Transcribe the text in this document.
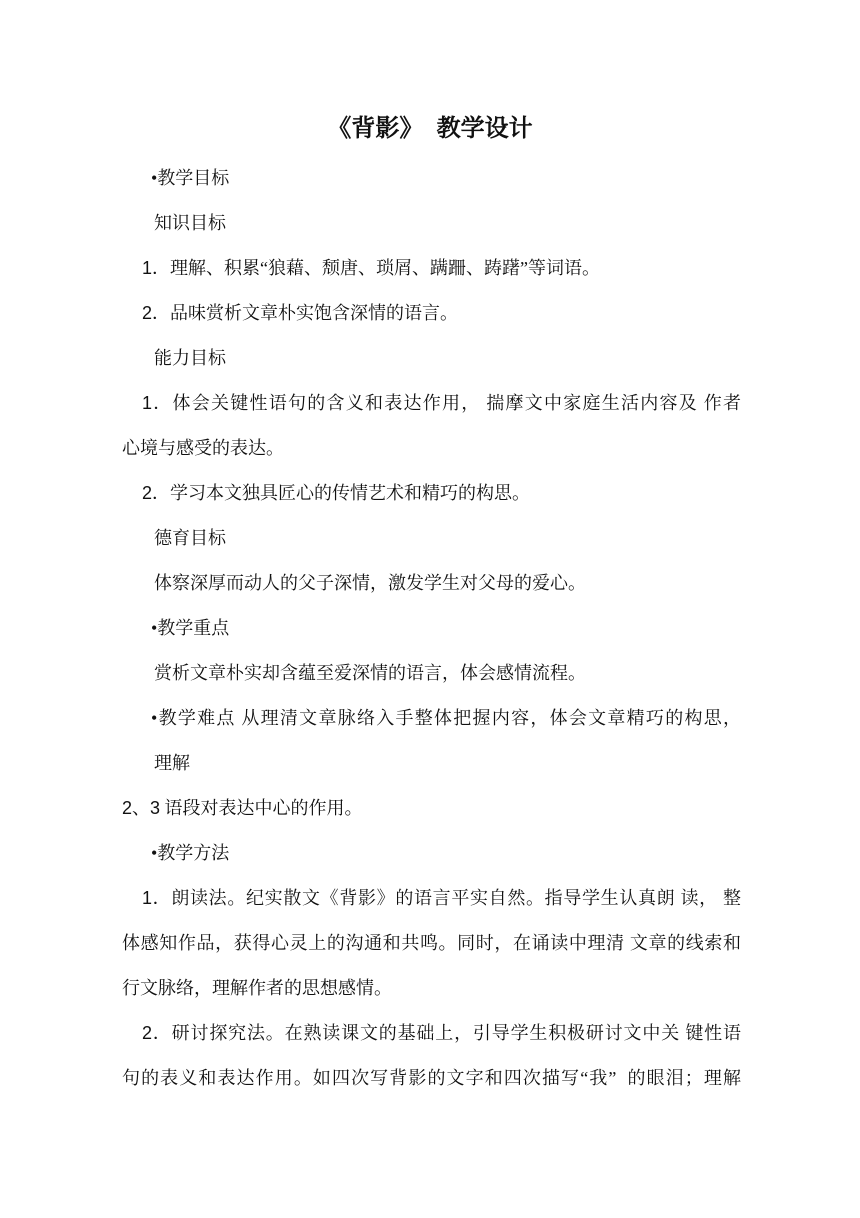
《背影》  教学设计
•教学目标
知识目标
1．理解、积累“狼藉、颓唐、琐屑、蹒跚、踌躇”等词语。
2．品味赏析文章朴实饱含深情的语言。
能力目标
1．体会关键性语句的含义和表达作用， 揣摩文中家庭生活内容及 作者
心境与感受的表达。
2．学习本文独具匠心的传情艺术和精巧的构思。
德育目标
体察深厚而动人的父子深情，激发学生对父母的爱心。
•教学重点
赏析文章朴实却含蕴至爱深情的语言，体会感情流程。
•教学难点 从理清文章脉络入手整体把握内容，体会文章精巧的构思，
理解
2、3 语段对表达中心的作用。
•教学方法
1．朗读法。纪实散文《背影》的语言平实自然。指导学生认真朗 读， 整
体感知作品，获得心灵上的沟通和共鸣。同时，在诵读中理清 文章的线索和
行文脉络，理解作者的思想感情。
2．研讨探究法。在熟读课文的基础上，引导学生积极研讨文中关 键性语
句的表义和表达作用。如四次写背影的文字和四次描写“我”  的眼泪；理解
